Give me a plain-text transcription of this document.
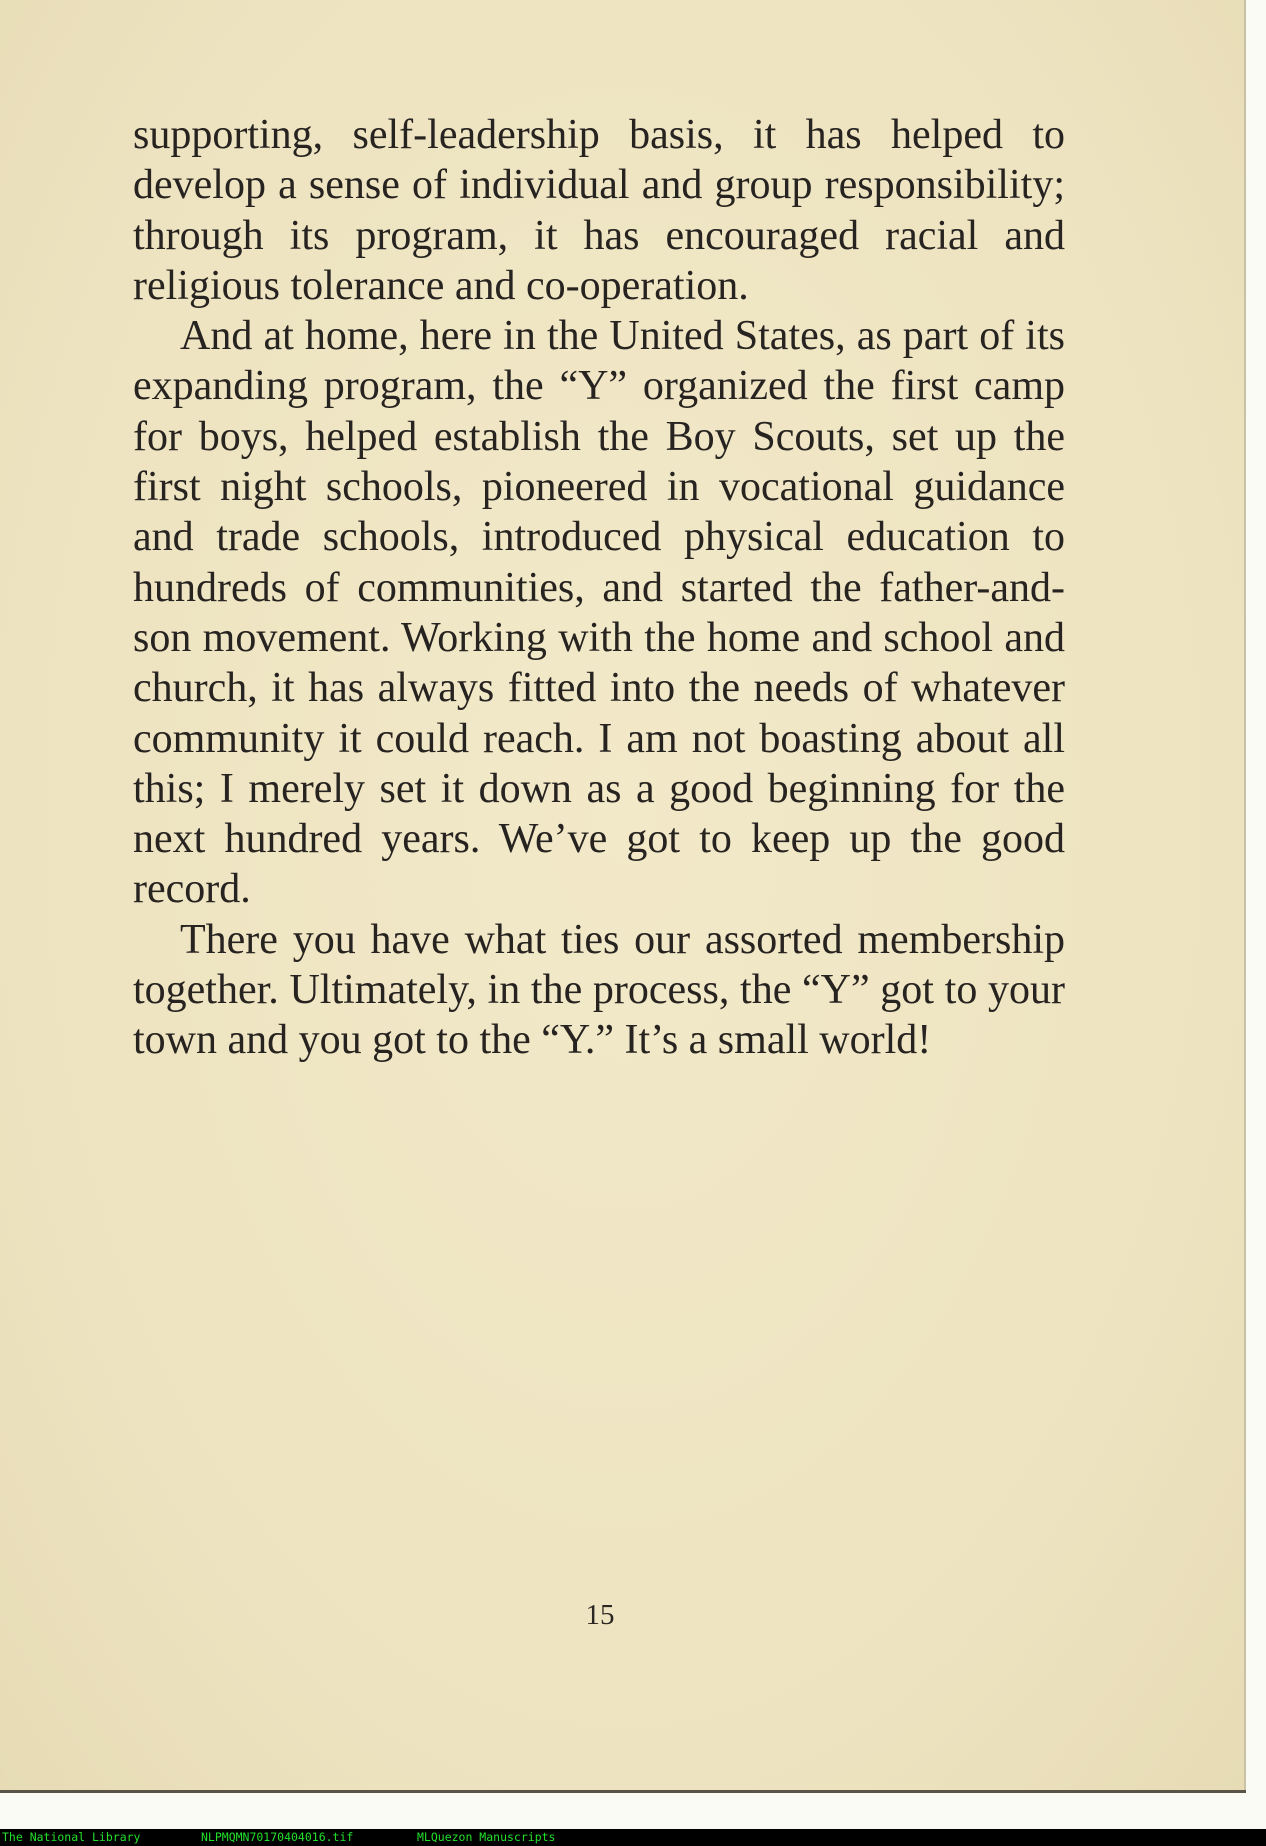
supporting, self-leadership basis, it has helped to develop a sense of individual and group responsibility; through its program, it has encouraged racial and religious tolerance and co-operation.

And at home, here in the United States, as part of its expanding program, the “Y” organized the first camp for boys, helped establish the Boy Scouts, set up the first night schools, pioneered in vocational guidance and trade schools, introduced physical education to hundreds of communities, and started the father-and-son movement. Working with the home and school and church, it has always fitted into the needs of whatever community it could reach. I am not boasting about all this; I merely set it down as a good beginning for the next hundred years. We’ve got to keep up the good record.

There you have what ties our assorted membership together. Ultimately, in the process, the “Y” got to your town and you got to the “Y.” It’s a small world!

15
The National Library	NLPMQMN70170404016.tif	MLQuezon Manuscripts
